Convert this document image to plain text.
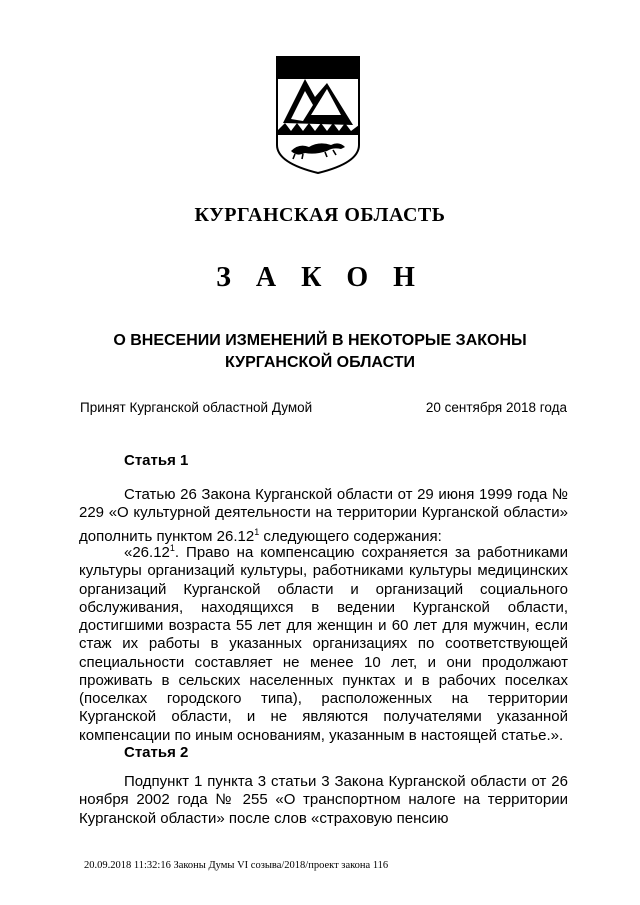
КУРГАНСКАЯ ОБЛАСТЬ
З А К О Н
О ВНЕСЕНИИ ИЗМЕНЕНИЙ В НЕКОТОРЫЕ ЗАКОНЫ
КУРГАНСКОЙ ОБЛАСТИ
Принят Курганской областной Думой	20 сентября 2018 года
Статья 1

Статью 26 Закона Курганской области от 29 июня 1999 года № 229 «О культурной деятельности на территории Курганской области» дополнить пунктом 26.12$^1$ следующего содержания:

«26.12$^1$. Право на компенсацию сохраняется за работниками культуры организаций культуры, работниками культуры медицинских организаций Курганской области и организаций социального обслуживания, находящихся в ведении Курганской области, достигшими возраста 55 лет для женщин и 60 лет для мужчин, если стаж их работы в указанных организациях по соответствующей специальности составляет не менее 10 лет, и они продолжают проживать в сельских населенных пунктах и в рабочих поселках (поселках городского типа), расположенных на территории Курганской области, и не являются получателями указанной компенсации по иным основаниям, указанным в настоящей статье.».

Статья 2

Подпункт 1 пункта 3 статьи 3 Закона Курганской области от 26 ноября 2002 года № 255 «О транспортном налоге на территории Курганской области» после слов «страховую пенсию

20.09.2018 11:32:16 Законы Думы VI созыва/2018/проект закона 116
